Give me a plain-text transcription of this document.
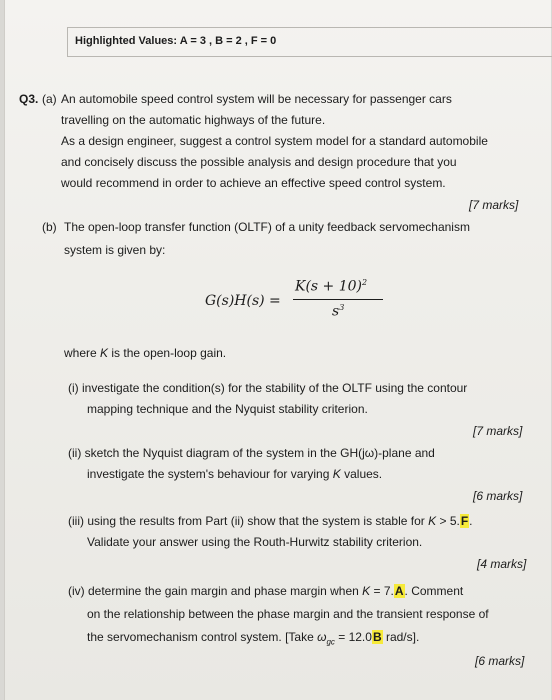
Highlighted Values: A = 3 , B = 2 , F = 0
Q3. (a) An automobile speed control system will be necessary for passenger cars
travelling on the automatic highways of the future.
As a design engineer, suggest a control system model for a standard automobile
and concisely discuss the possible analysis and design procedure that you
would recommend in order to achieve an effective speed control system.
[7 marks]
(b) The open-loop transfer function (OLTF) of a unity feedback servomechanism
system is given by:
G(s)H(s) =
$K(s + 10)^2$
$s^3$
where K is the open-loop gain.
(i) investigate the condition(s) for the stability of the OLTF using the contour
mapping technique and the Nyquist stability criterion.
[7 marks]
(ii) sketch the Nyquist diagram of the system in the GH(jω)-plane and
investigate the system's behaviour for varying K values.
[6 marks]
(iii) using the results from Part (ii) show that the system is stable for K > 5.F.
Validate your answer using the Routh-Hurwitz stability criterion.
[4 marks]
(iv) determine the gain margin and phase margin when K = 7.A. Comment
on the relationship between the phase margin and the transient response of
the servomechanism control system. [Take $\omega_{gc} = 12.0B$ rad/s].
[6 marks]
